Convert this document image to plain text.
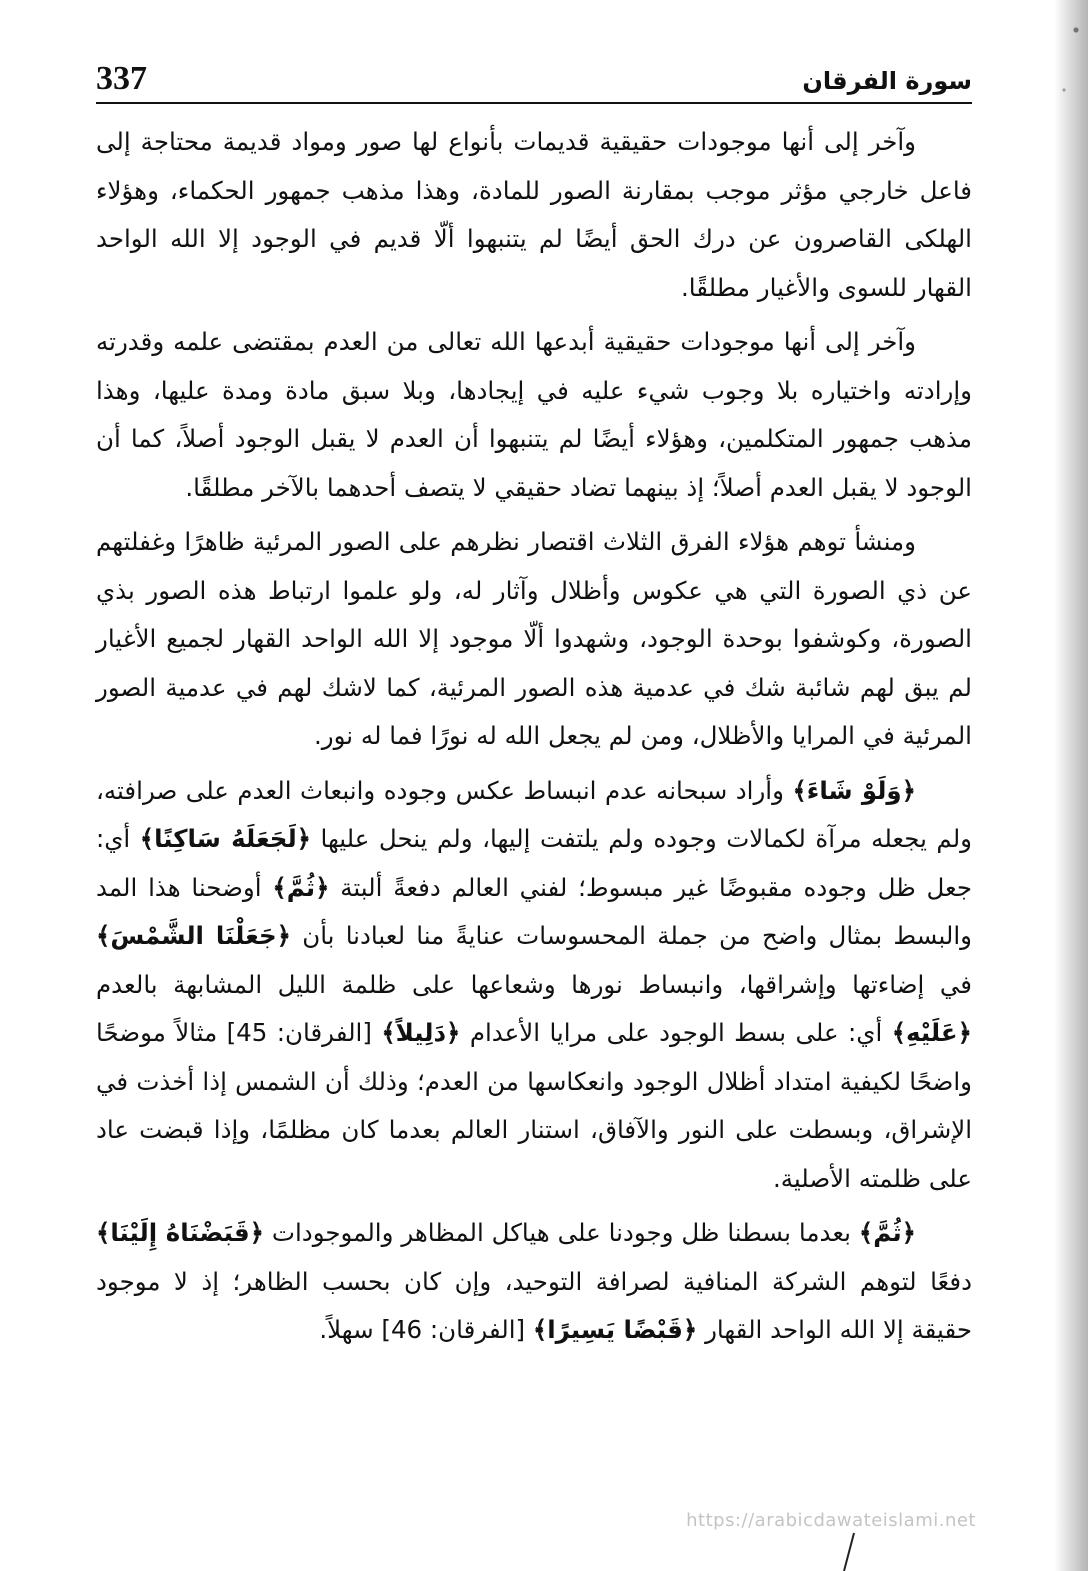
337	سورة الفرقان

وآخر إلى أنها موجودات حقيقية قديمات بأنواع لها صور ومواد قديمة محتاجة إلى فاعل خارجي مؤثر موجب بمقارنة الصور للمادة، وهذا مذهب جمهور الحكماء، وهؤلاء الهلكى القاصرون عن درك الحق أيضًا لم يتنبهوا ألّا قديم في الوجود إلا الله الواحد القهار للسوى والأغيار مطلقًا.

وآخر إلى أنها موجودات حقيقية أبدعها الله تعالى من العدم بمقتضى علمه وقدرته وإرادته واختياره بلا وجوب شيء عليه في إيجادها، وبلا سبق مادة ومدة عليها، وهذا مذهب جمهور المتكلمين، وهؤلاء أيضًا لم يتنبهوا أن العدم لا يقبل الوجود أصلاً، كما أن الوجود لا يقبل العدم أصلاً؛ إذ بينهما تضاد حقيقي لا يتصف أحدهما بالآخر مطلقًا.

ومنشأ توهم هؤلاء الفرق الثلاث اقتصار نظرهم على الصور المرئية ظاهرًا وغفلتهم عن ذي الصورة التي هي عكوس وأظلال وآثار له، ولو علموا ارتباط هذه الصور بذي الصورة، وكوشفوا بوحدة الوجود، وشهدوا ألّا موجود إلا الله الواحد القهار لجميع الأغيار لم يبق لهم شائبة شك في عدمية هذه الصور المرئية، كما لاشك لهم في عدمية الصور المرئية في المرايا والأظلال، ومن لم يجعل الله له نورًا فما له نور.

﴿وَلَوْ شَاءَ﴾ وأراد سبحانه عدم انبساط عكس وجوده وانبعاث العدم على صرافته، ولم يجعله مرآة لكمالات وجوده ولم يلتفت إليها، ولم ينحل عليها ﴿لَجَعَلَهُ سَاكِنًا﴾ أي: جعل ظل وجوده مقبوضًا غير مبسوط؛ لفني العالم دفعةً ألبتة ﴿ثُمَّ﴾ أوضحنا هذا المد والبسط بمثال واضح من جملة المحسوسات عنايةً منا لعبادنا بأن ﴿جَعَلْنَا الشَّمْسَ﴾ في إضاءتها وإشراقها، وانبساط نورها وشعاعها على ظلمة الليل المشابهة بالعدم ﴿عَلَيْهِ﴾ أي: على بسط الوجود على مرايا الأعدام ﴿دَلِيلاً﴾ [الفرقان: 45] مثالاً موضحًا واضحًا لكيفية امتداد أظلال الوجود وانعكاسها من العدم؛ وذلك أن الشمس إذا أخذت في الإشراق، وبسطت على النور والآفاق، استنار العالم بعدما كان مظلمًا، وإذا قبضت عاد على ظلمته الأصلية.

﴿ثُمَّ﴾ بعدما بسطنا ظل وجودنا على هياكل المظاهر والموجودات ﴿قَبَضْنَاهُ إِلَيْنَا﴾ دفعًا لتوهم الشركة المنافية لصرافة التوحيد، وإن كان بحسب الظاهر؛ إذ لا موجود حقيقة إلا الله الواحد القهار ﴿قَبْضًا يَسِيرًا﴾ [الفرقان: 46] سهلاً.

https://arabicdawateislami.net
